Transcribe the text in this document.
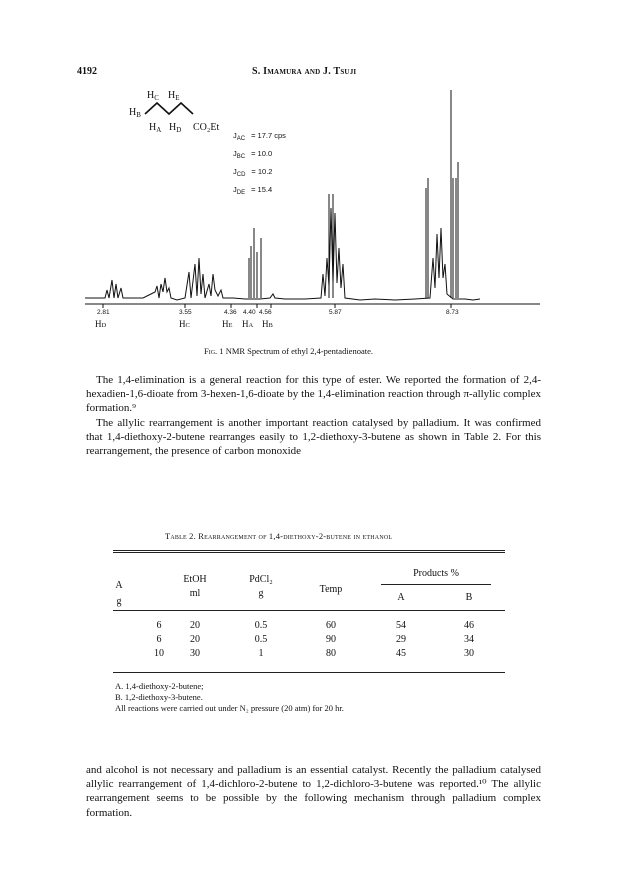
4192	S. Imamura and J. Tsuji
$H_C$ $H_E$
$H_B$
CO₂Et
$H_A$ $H_D$
$J_{AC} = 17.7$ cps
$J_{BC} = 10.0$
$J_{CD} = 10.2$
$J_{DE} = 15.4$
2.81	3.55	4.36 4.40 4.56	5.87	8.73
HD	HC	HE HA HB
Fig. 1 NMR Spectrum of ethyl 2,4-pentadienoate.

The 1,4-elimination is a general reaction for this type of ester. We reported the formation of 2,4-hexadien-1,6-dioate from 3-hexen-1,6-dioate by the 1,4-elimination reaction through π-allylic complex formation.⁹

The allylic rearrangement is another important reaction catalysed by palladium. It was confirmed that 1,4-diethoxy-2-butene rearranges easily to 1,2-diethoxy-3-butene as shown in Table 2. For this rearrangement, the presence of carbon monoxide

Table 2. Rearrangement of 1,4-diethoxy-2-butene in ethanol
A
g
EtOH
ml
PdCl₂
g	Temp
Products %
A	B
6	20	0.5	60	54	46
6	20	0.5	90	29	34
10	30	1	80	45	30
A. 1,4-diethoxy-2-butene;
B. 1,2-diethoxy-3-butene.
All reactions were carried out under N₂ pressure (20 atm) for 20 hr.

and alcohol is not necessary and palladium is an essential catalyst. Recently the palladium catalysed allylic rearrangement of 1,4-dichloro-2-butene to 1,2-dichloro-3-butene was reported.¹⁰ The allylic rearrangement seems to be possible by the following mechanism through palladium complex formation.
